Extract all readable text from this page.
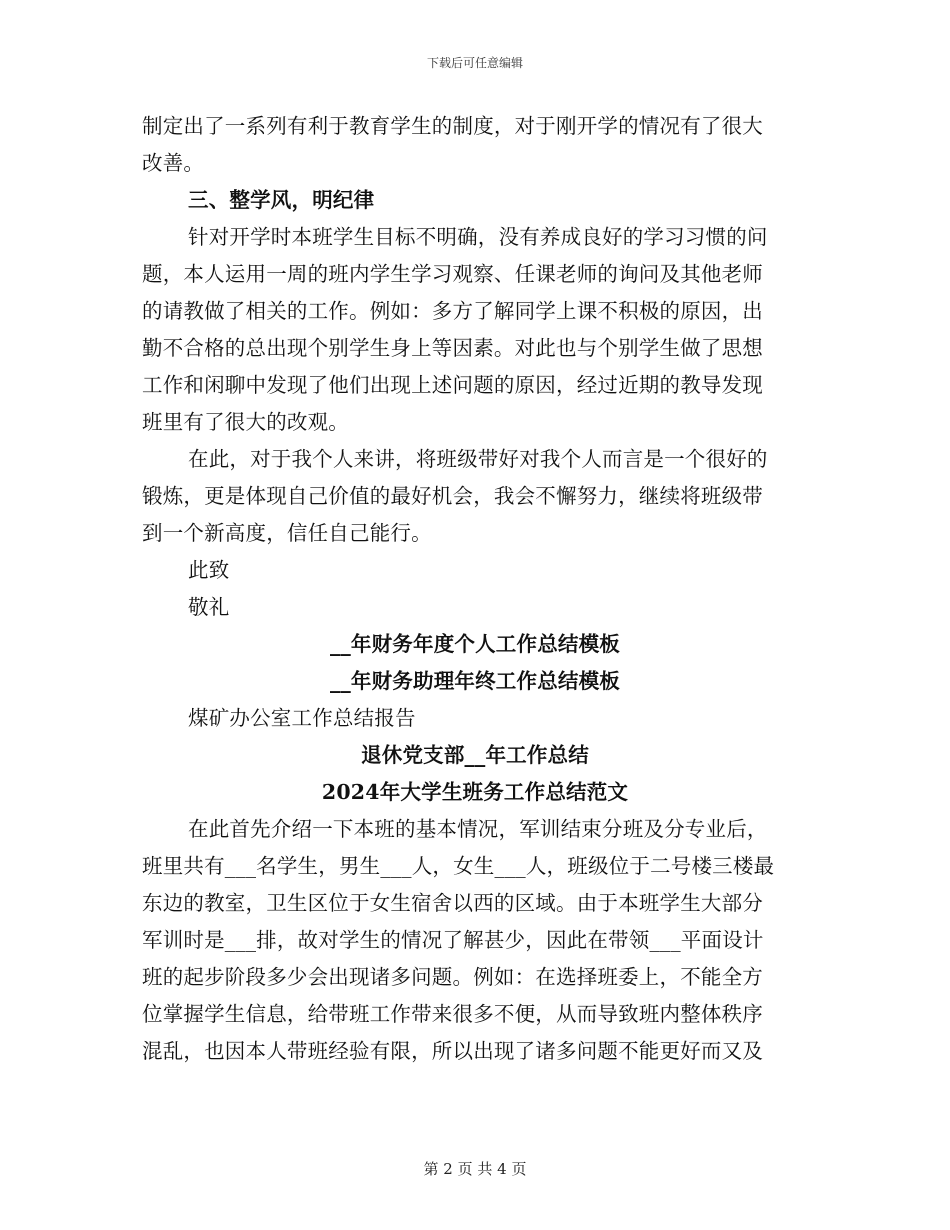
下载后可任意编辑
制定出了一系列有利于教育学生的制度，对于刚开学的情况有了很大
改善。
三、整学风，明纪律
针对开学时本班学生目标不明确，没有养成良好的学习习惯的问
题，本人运用一周的班内学生学习观察、任课老师的询问及其他老师
的请教做了相关的工作。例如：多方了解同学上课不积极的原因，出
勤不合格的总出现个别学生身上等因素。对此也与个别学生做了思想
工作和闲聊中发现了他们出现上述问题的原因，经过近期的教导发现
班里有了很大的改观。
在此，对于我个人来讲，将班级带好对我个人而言是一个很好的
锻炼，更是体现自己价值的最好机会，我会不懈努力，继续将班级带
到一个新高度，信任自己能行。
此致
敬礼
__年财务年度个人工作总结模板
__年财务助理年终工作总结模板
煤矿办公室工作总结报告
退休党支部__年工作总结
2024年大学生班务工作总结范文
在此首先介绍一下本班的基本情况，军训结束分班及分专业后，
班里共有___名学生，男生___人，女生___人，班级位于二号楼三楼最
东边的教室，卫生区位于女生宿舍以西的区域。由于本班学生大部分
军训时是___排，故对学生的情况了解甚少，因此在带领___平面设计
班的起步阶段多少会出现诸多问题。例如：在选择班委上，不能全方
位掌握学生信息，给带班工作带来很多不便，从而导致班内整体秩序
混乱，也因本人带班经验有限，所以出现了诸多问题不能更好而又及
第 2 页 共 4 页
